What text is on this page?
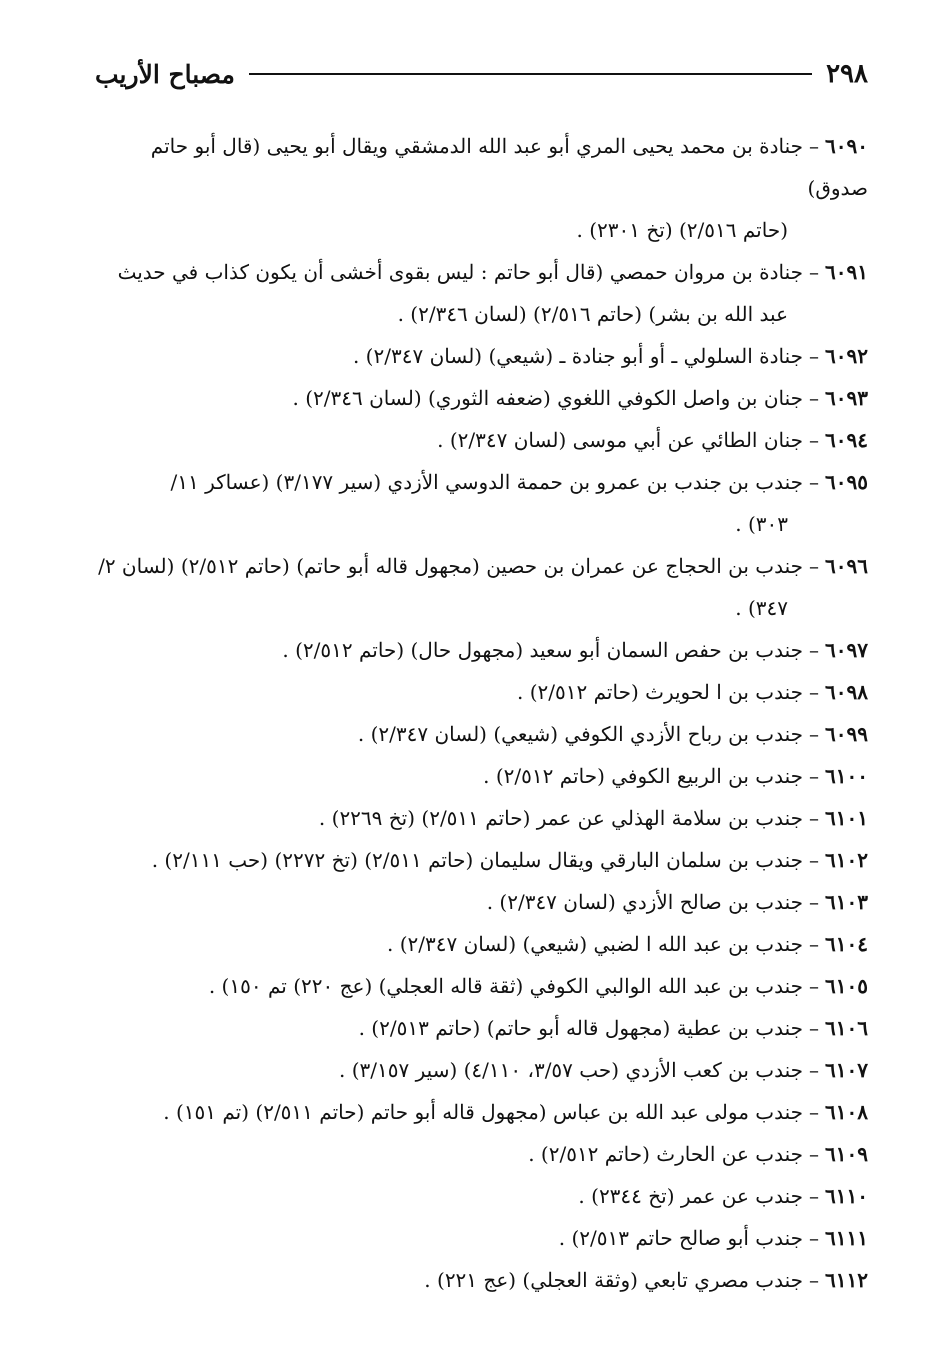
٢٩٨
مصباح الأريب

٦٠٩٠–جنادة بن محمد يحيى المري أبو عبد الله الدمشقي ويقال أبو يحيى (قال أبو حاتم صدوق)
(حاتم ٢/٥١٦) (تخ ٢٣٠١) .

٦٠٩١–جنادة بن مروان حمصي (قال أبو حاتم : ليس بقوى أخشى أن يكون كذاب في حديث
عبد الله بن بشر) (حاتم ٢/٥١٦) (لسان ٢/٣٤٦) .

٦٠٩٢–جنادة السلولي ـ أو أبو جنادة ـ (شيعي) (لسان ٢/٣٤٧) .

٦٠٩٣–جنان بن واصل الكوفي اللغوي (ضعفه الثوري) (لسان ٢/٣٤٦) .

٦٠٩٤–جنان الطائي عن أبي موسى (لسان ٢/٣٤٧) .

٦٠٩٥–جندب بن جندب بن عمرو بن حممة الدوسي الأزدي (سير ٣/١٧٧) (عساكر ١١/
٣٠٣) .

٦٠٩٦–جندب بن الحجاج عن عمران بن حصين (مجهول قاله أبو حاتم) (حاتم ٢/٥١٢) (لسان ٢/
٣٤٧) .

٦٠٩٧–جندب بن حفص السمان أبو سعيد (مجهول حال) (حاتم ٢/٥١٢) .

٦٠٩٨–جندب بن ا لحويرث (حاتم ٢/٥١٢) .

٦٠٩٩–جندب بن رباح الأزدي الكوفي (شيعي) (لسان ٢/٣٤٧) .

٦١٠٠–جندب بن الربيع الكوفي (حاتم ٢/٥١٢) .

٦١٠١–جندب بن سلامة الهذلي عن عمر (حاتم ٢/٥١١) (تخ ٢٢٦٩) .

٦١٠٢–جندب بن سلمان البارقي ويقال سليمان (حاتم ٢/٥١١) (تخ ٢٢٧٢) (حب ٢/١١١) .

٦١٠٣–جندب بن صالح الأزدي (لسان ٢/٣٤٧) .

٦١٠٤–جندب بن عبد الله ا لضبي (شيعي) (لسان ٢/٣٤٧) .

٦١٠٥–جندب بن عبد الله الوالبي الكوفي (ثقة قاله العجلي) (عج ٢٢٠) تم ١٥٠) .

٦١٠٦–جندب بن عطية (مجهول قاله أبو حاتم) (حاتم ٢/٥١٣) .

٦١٠٧–جندب بن كعب الأزدي (حب ٣/٥٧، ٤/١١٠) (سير ٣/١٥٧) .

٦١٠٨–جندب مولى عبد الله بن عباس (مجهول قاله أبو حاتم (حاتم ٢/٥١١) (تم ١٥١) .

٦١٠٩–جندب عن الحارث (حاتم ٢/٥١٢) .

٦١١٠–جندب عن عمر (تخ ٢٣٤٤) .

٦١١١–جندب أبو صالح حاتم ٢/٥١٣) .

٦١١٢–جندب مصري تابعي (وثقة العجلي) (عج ٢٢١) .
